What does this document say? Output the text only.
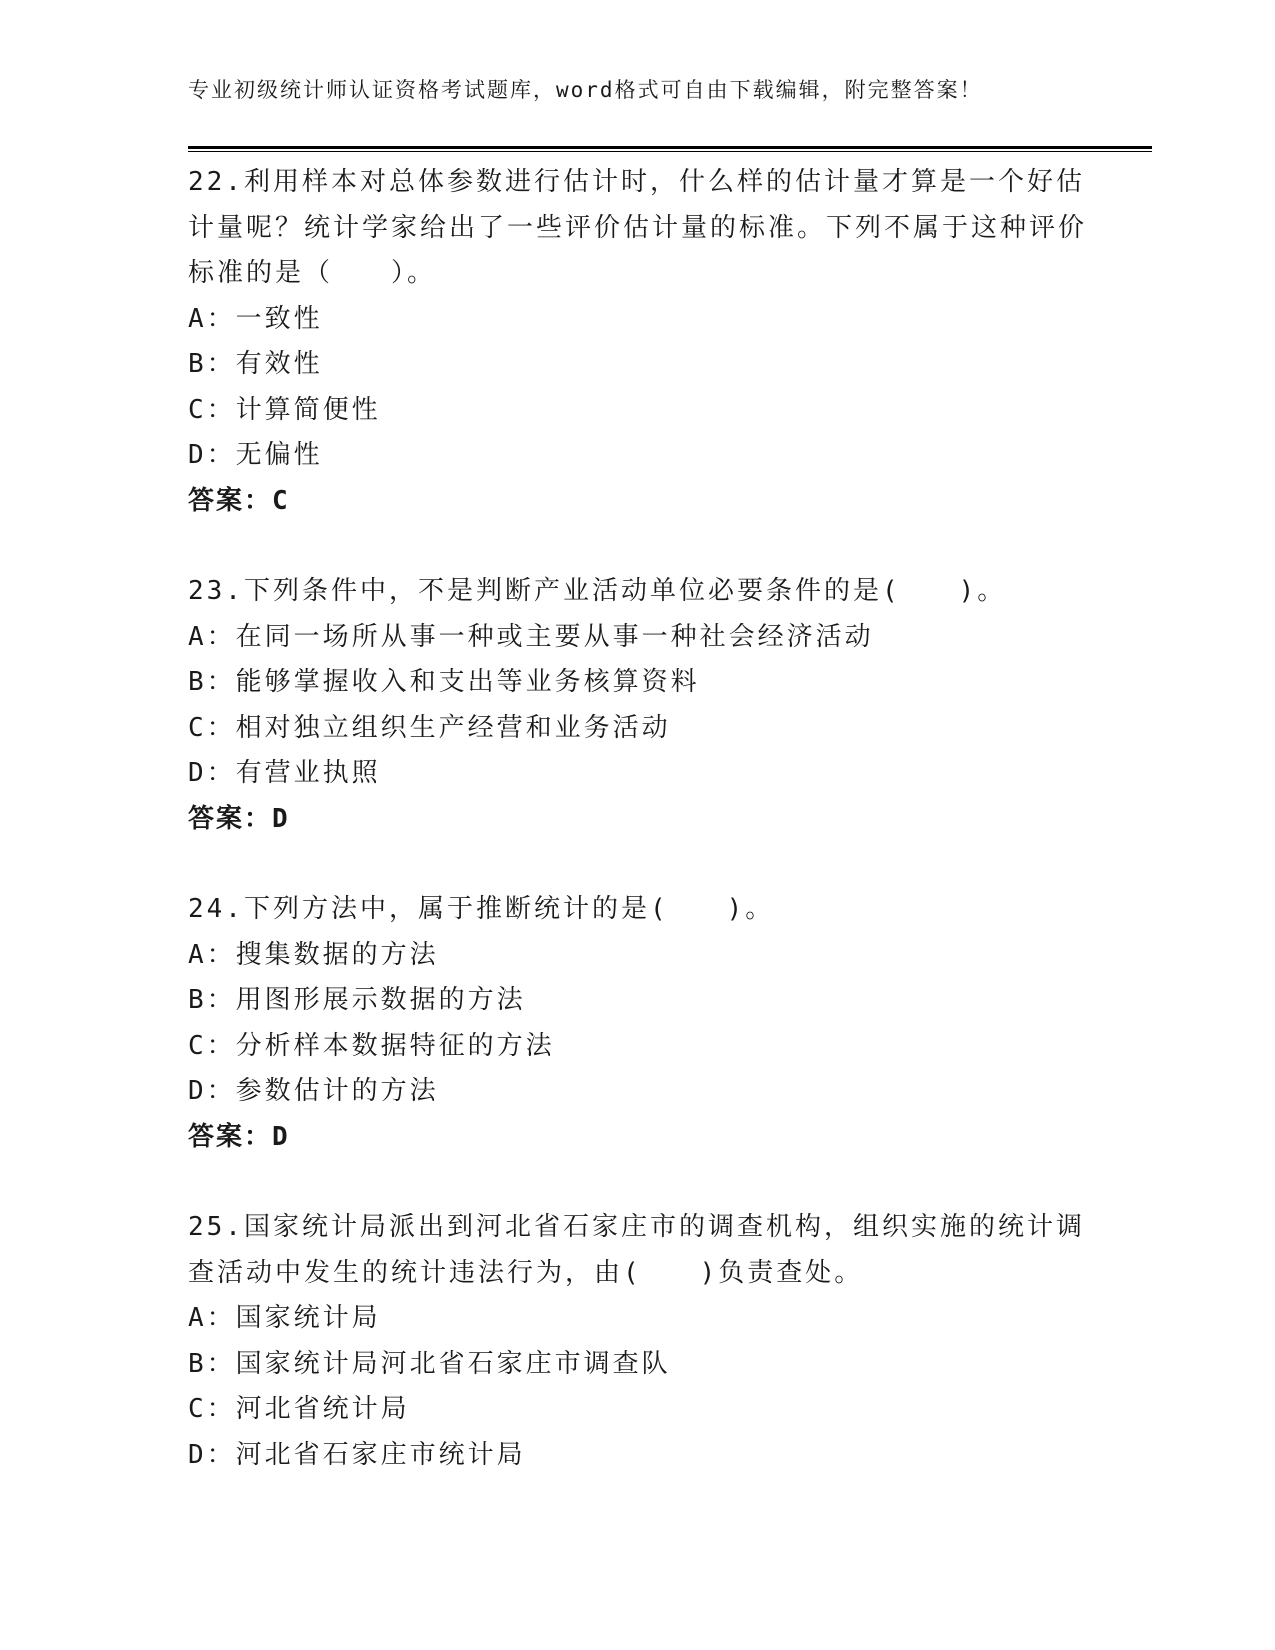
专业初级统计师认证资格考试题库，word格式可自由下载编辑，附完整答案！

22.利用样本对总体参数进行估计时，什么样的估计量才算是一个好估计量呢？统计学家给出了一些评价估计量的标准。下列不属于这种评价标准的是（　　）。

A：一致性

B：有效性

C：计算简便性

D：无偏性

答案：C

23.下列条件中，不是判断产业活动单位必要条件的是(　　)。

A：在同一场所从事一种或主要从事一种社会经济活动

B：能够掌握收入和支出等业务核算资料

C：相对独立组织生产经营和业务活动

D：有营业执照

答案：D

24.下列方法中，属于推断统计的是(　　)。

A：搜集数据的方法

B：用图形展示数据的方法

C：分析样本数据特征的方法

D：参数估计的方法

答案：D

25.国家统计局派出到河北省石家庄市的调查机构，组织实施的统计调查活动中发生的统计违法行为，由(　　)负责查处。

A：国家统计局

B：国家统计局河北省石家庄市调查队

C：河北省统计局

D：河北省石家庄市统计局
